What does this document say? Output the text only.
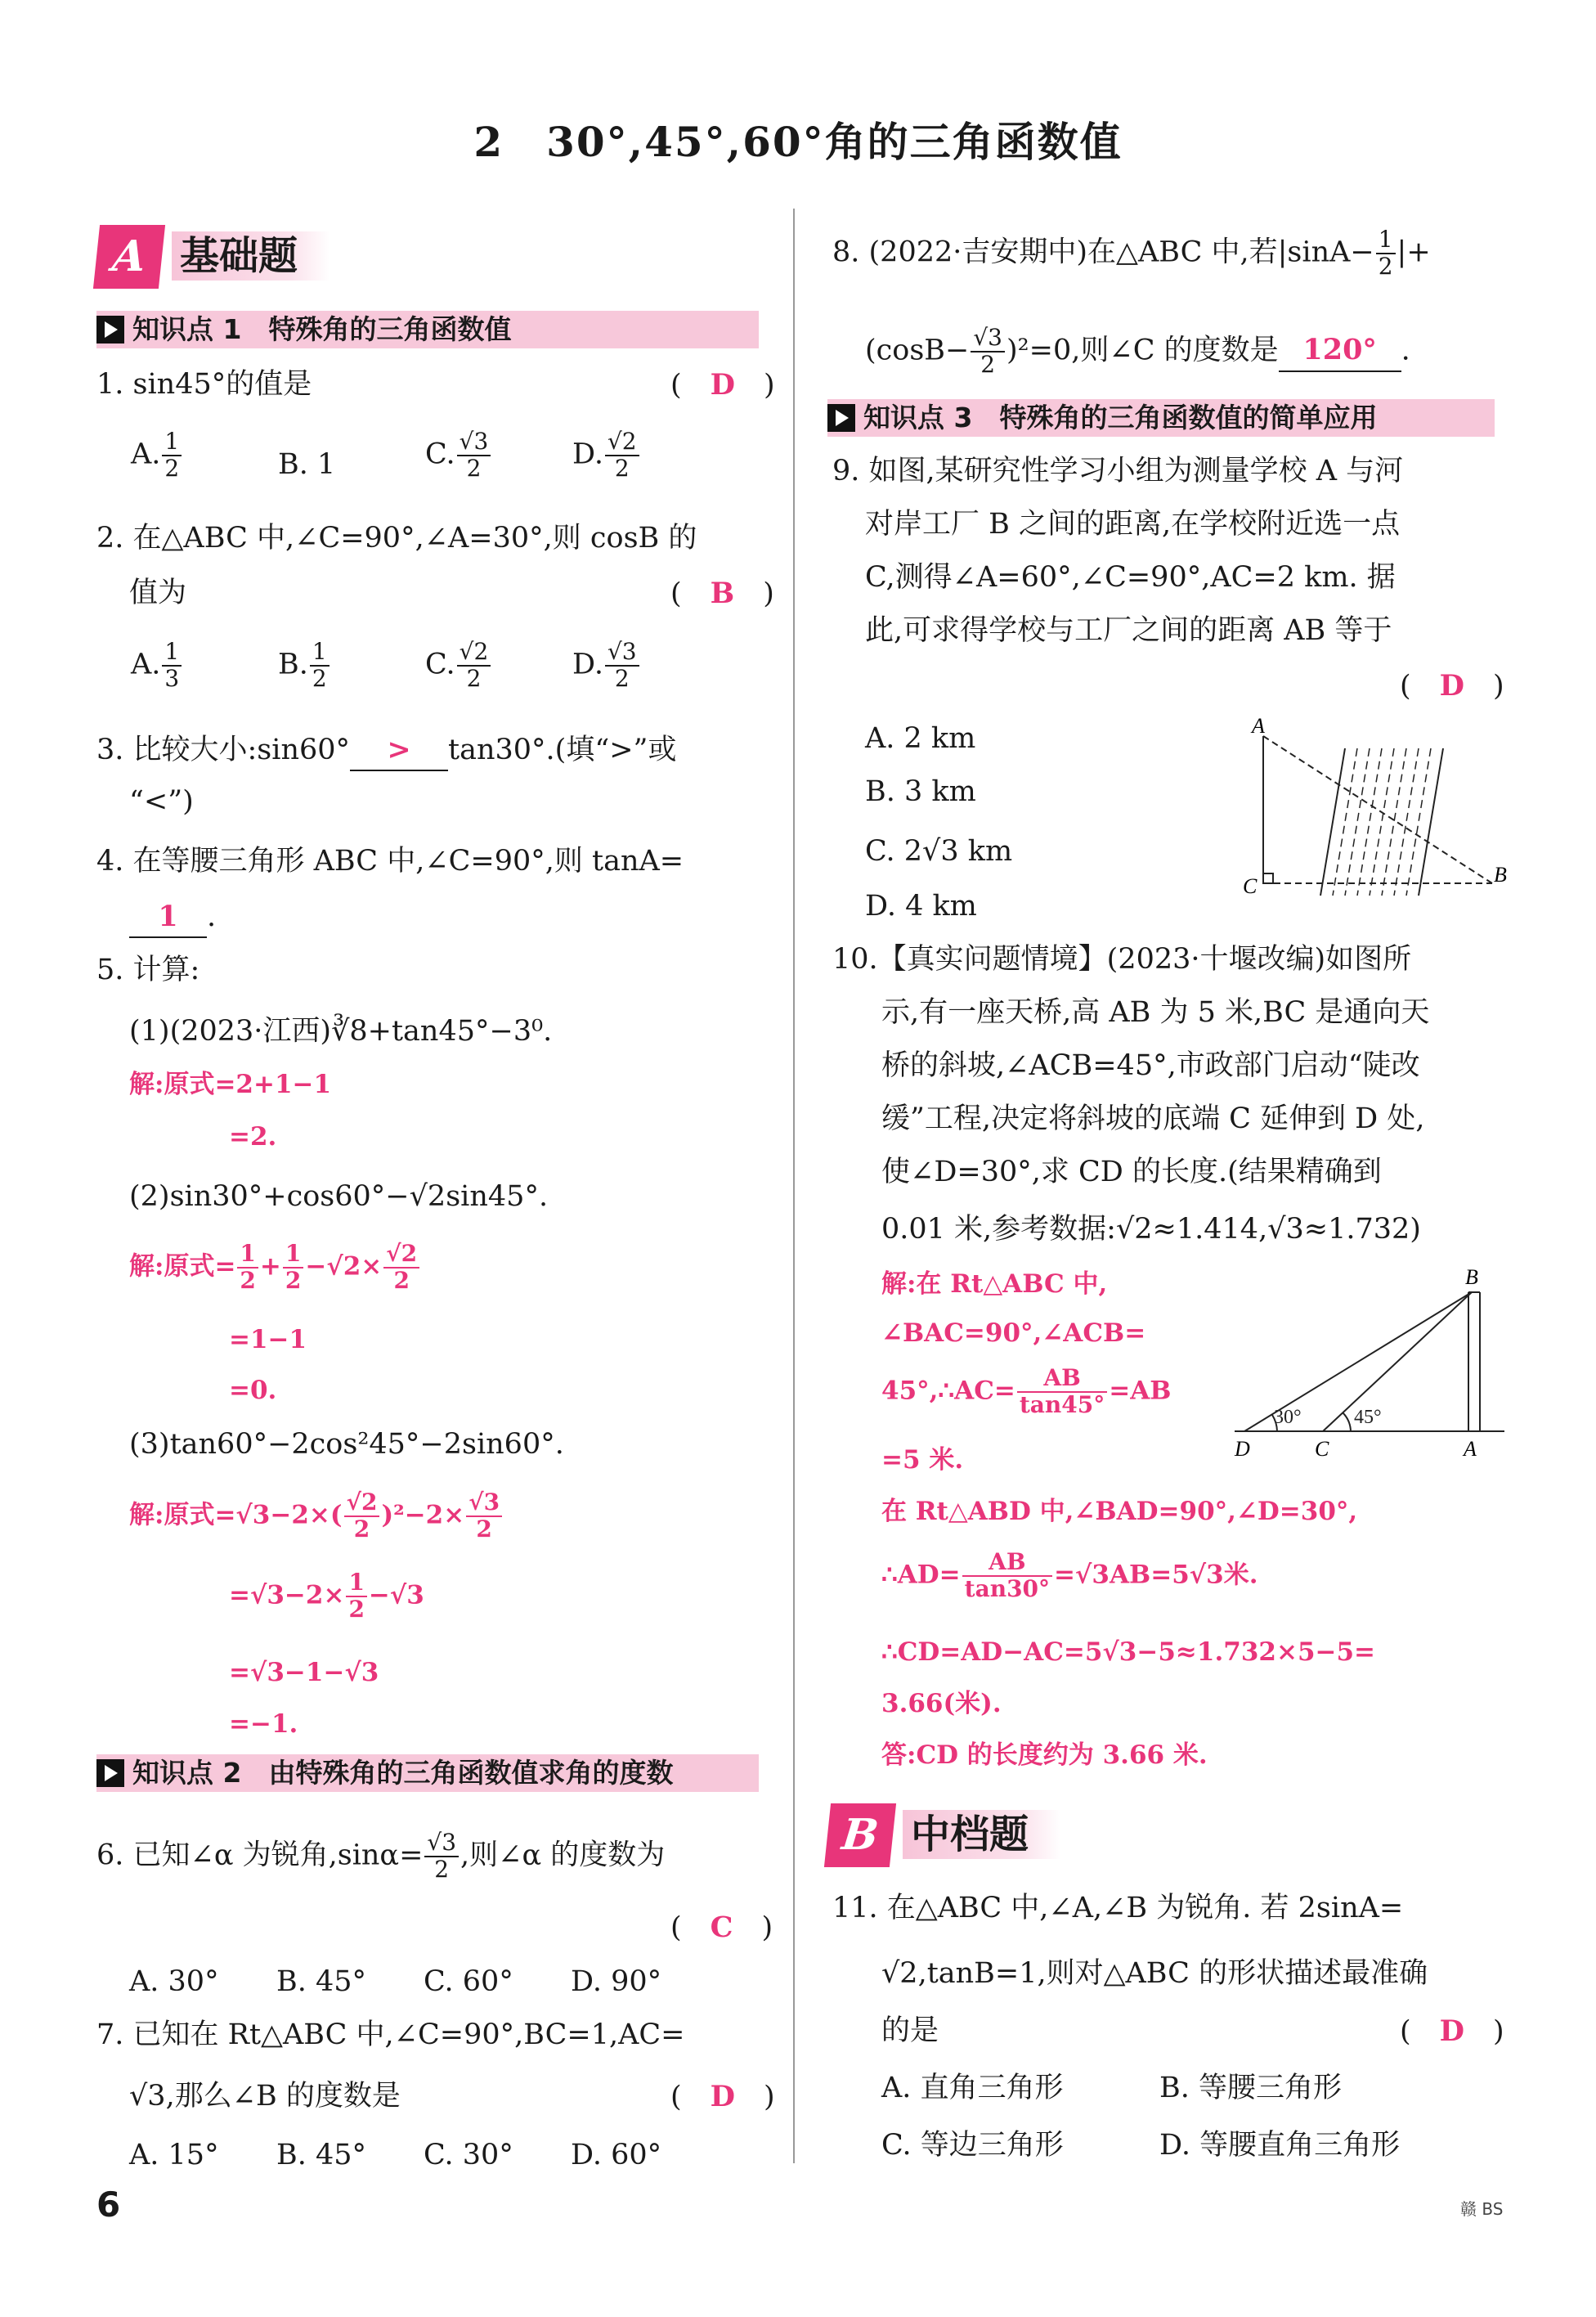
2　30°,45°,60°角的三角函数值
A 基础题
知识点 1　特殊角的三角函数值
1. sin45°的值是	(　D　)
A. $\frac{1}{2}$	B. 1	C. $\frac{√3}{2}$	D. $\frac{√2}{2}$
2. 在△ABC 中,∠C=90°,∠A=30°,则 cosB 的
值为	(　B　)
A. $\frac{1}{3}$	B. $\frac{1}{2}$	C. $\frac{√2}{2}$	D. $\frac{√3}{2}$
3. 比较大小:sin60° > tan30°.(填“>”或
“<”)
4. 在等腰三角形 ABC 中,∠C=90°,则 tanA=
1 .
5. 计算:
(1)(2023·江西)∛8+tan45°−3⁰.
解:原式=2+1−1
=2.
(2)sin30°+cos60°−√2sin45°.
解:原式= $\frac{1}{2} + \frac{1}{2} -√2\times \frac{√2}{2}$
=1−1
=0.
(3)tan60°−2cos²45°−2sin60°.
解:原式$=√3-2\times( \frac{√2}{2} )^2-2\times \frac{√3}{2}$
$=√3-2\times \frac{1}{2} -√3$
=√3−1−√3
=−1.
知识点 2　由特殊角的三角函数值求角的度数
6. 已知∠α 为锐角$,\sin\alpha= \frac{√3}{2}$ ,则∠α 的度数为
(　C　)
A. 30° B. 45° C. 60° D. 90°
7. 已知在 Rt△ABC 中,∠C=90°,BC=1,AC=
√3,那么∠B 的度数是	(　D　)
A. 15° B. 45° C. 30° D. 60°
8. (2022·吉安期中)在△ABC 中,若$|\sin A- \frac{1}{2}$ |+
$(\cos B- \frac{√3}{2} )^2=0$,则∠C 的度数是 120° .
知识点 3　特殊角的三角函数值的简单应用
9. 如图,某研究性学习小组为测量学校 A 与河
对岸工厂 B 之间的距离,在学校附近选一点
C,测得∠A=60°,∠C=90°,AC=2 km. 据
此,可求得学校与工厂之间的距离 AB 等于
(　D　)
A. 2 km
B. 3 km
C. 2√3 km
D. 4 km
A
B
C
10.【真实问题情境】(2023·十堰改编)如图所
示,有一座天桥,高 AB 为 5 米,BC 是通向天
桥的斜坡,∠ACB=45°,市政部门启动“陡改
缓”工程,决定将斜坡的底端 C 延伸到 D 处,
使∠D=30°,求 CD 的长度.(结果精确到
0.01 米,参考数据:√2≈1.414,√3≈1.732)
解:在 Rt△ABC 中,
∠BAC=90°,∠ACB=
45°,∴AC= $\frac{AB}{\tan 45^\circ} =AB$
=5 米.
在 Rt△ABD 中,∠BAD=90°,∠D=30°,
∴AD= $\frac{AB}{\tan 30^\circ} =√3AB=5√3$米.
∴CD=AD−AC=5√3−5≈1.732×5−5=
3.66(米).
答:CD 的长度约为 3.66 米.
30°	45°
B
D	C	A
B 中档题
11. 在△ABC 中,∠A,∠B 为锐角. 若 2sinA=
√2,tanB=1,则对△ABC 的形状描述最准确
的是	(　D　)
A. 直角三角形	B. 等腰三角形
C. 等边三角形	D. 等腰直角三角形
6	赣 BS
